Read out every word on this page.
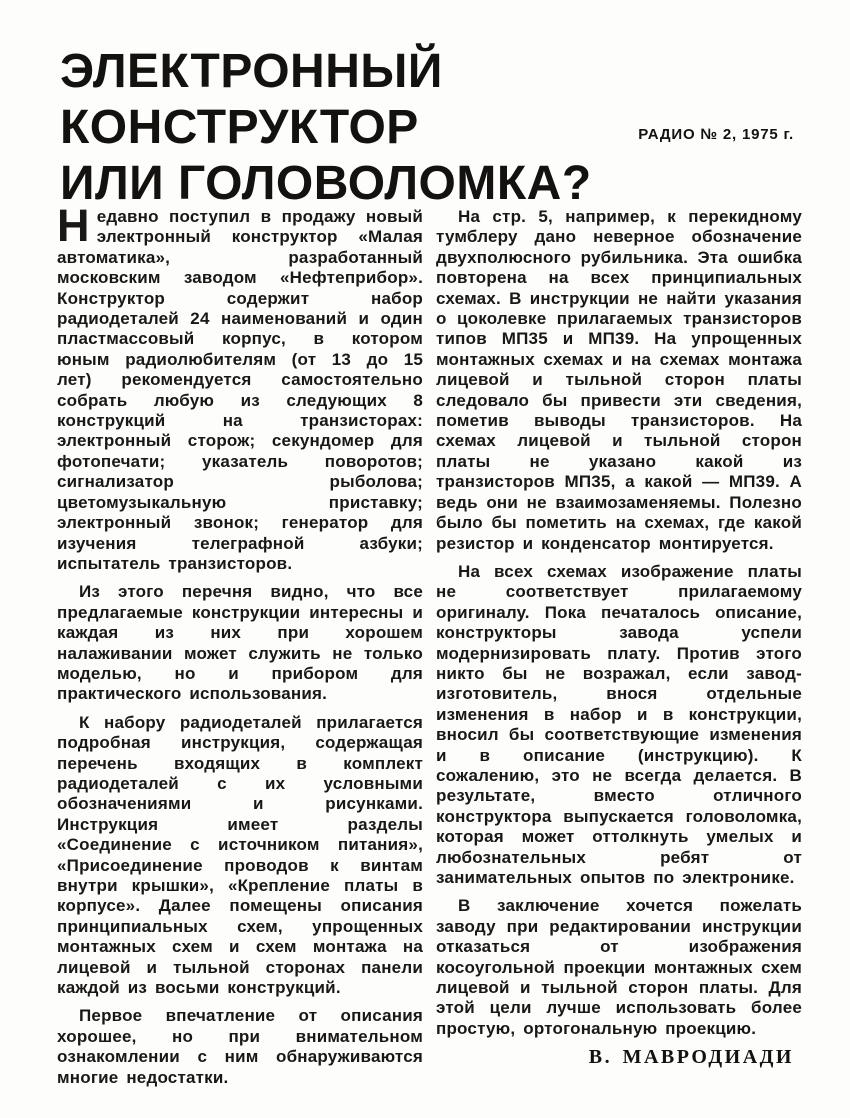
ЭЛЕКТРОННЫЙ
КОНСТРУКТОР
ИЛИ ГОЛОВОЛОМКА?
РАДИО № 2, 1975 г.

Недавно поступил в продажу новый электронный конструктор «Малая автоматика», разработанный московским заводом «Нефтеприбор». Конструктор содержит набор радиодеталей 24 наименований и один пластмассовый корпус, в котором юным радиолюбителям (от 13 до 15 лет) рекомендуется самостоятельно собрать любую из следующих 8 конструкций на транзисторах: электронный сторож; секундомер для фотопечати; указатель поворотов; сигнализатор рыболова; цветомузыкальную приставку; электронный звонок; генератор для изучения телеграфной азбуки; испытатель транзисторов.

Из этого перечня видно, что все предлагаемые конструкции интересны и каждая из них при хорошем налаживании может служить не только моделью, но и прибором для практического использования.

К набору радиодеталей прилагается подробная инструкция, содержащая перечень входящих в комплект радиодеталей с их условными обозначениями и рисунками. Инструкция имеет разделы «Соединение с источником питания», «Присоединение проводов к винтам внутри крышки», «Крепление платы в корпусе». Далее помещены описания принципиальных схем, упрощенных монтажных схем и схем монтажа на лицевой и тыльной сторонах панели каждой из восьми конструкций.

Первое впечатление от описания хорошее, но при внимательном ознакомлении с ним обнаруживаются многие недостатки.

На стр. 5, например, к перекидному тумблеру дано неверное обозначение двухполюсного рубильника. Эта ошибка повторена на всех принципиальных схемах. В инструкции не найти указания о цоколевке прилагаемых транзисторов типов МП35 и МП39. На упрощенных монтажных схемах и на схемах монтажа лицевой и тыльной сторон платы следовало бы привести эти сведения, пометив выводы транзисторов. На схемах лицевой и тыльной сторон платы не указано какой из транзисторов МП35, а какой — МП39. А ведь они не взаимозаменяемы. Полезно было бы пометить на схемах, где какой резистор и конденсатор монтируется.

На всех схемах изображение платы не соответствует прилагаемому оригиналу. Пока печаталось описание, конструкторы завода успели модернизировать плату. Против этого никто бы не возражал, если завод-изготовитель, внося отдельные изменения в набор и в конструкции, вносил бы соответствующие изменения и в описание (инструкцию). К сожалению, это не всегда делается. В результате, вместо отличного конструктора выпускается головоломка, которая может оттолкнуть умелых и любознательных ребят от занимательных опытов по электронике.

В заключение хочется пожелать заводу при редактировании инструкции отказаться от изображения косоугольной проекции монтажных схем лицевой и тыльной сторон платы. Для этой цели лучше использовать более простую, ортогональную проекцию.

В. МАВРОДИАДИ
